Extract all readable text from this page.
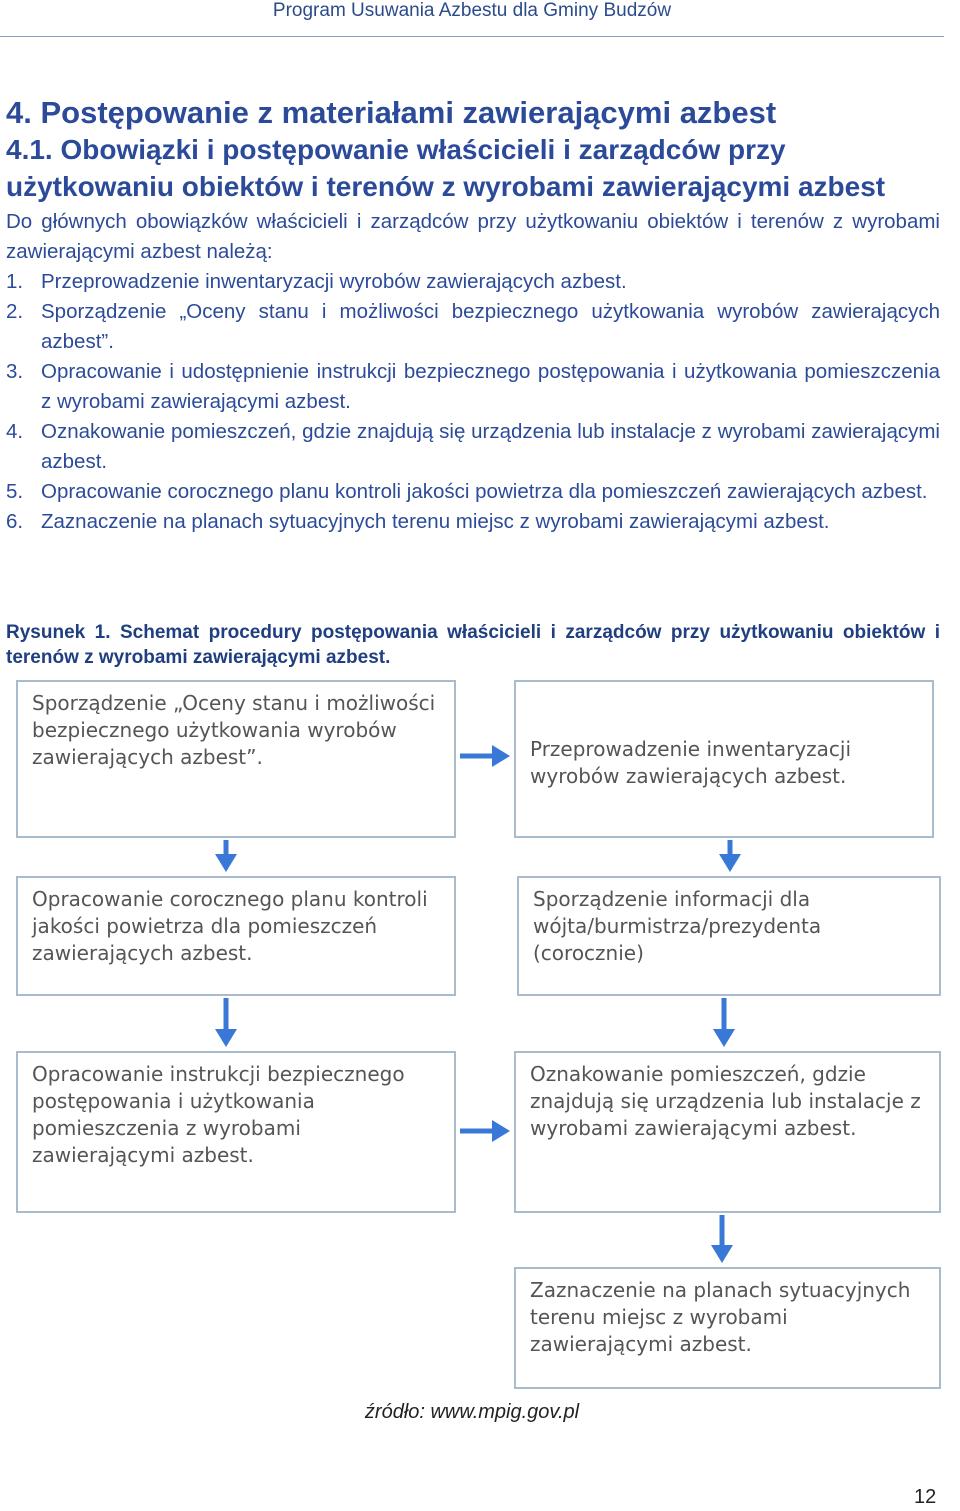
Program Usuwania Azbestu dla Gminy Budzów
4. Postępowanie z materiałami zawierającymi azbest
4.1. Obowiązki i postępowanie właścicieli i zarządców przy użytkowaniu obiektów i terenów z wyrobami zawierającymi azbest

Do głównych obowiązków właścicieli i zarządców przy użytkowaniu obiektów i terenów z wyrobami zawierającymi azbest należą:

1. Przeprowadzenie inwentaryzacji wyrobów zawierających azbest.
2. Sporządzenie „Oceny stanu i możliwości bezpiecznego użytkowania wyrobów zawierających azbest”.
3. Opracowanie i udostępnienie instrukcji bezpiecznego postępowania i użytkowania pomieszczenia z wyrobami zawierającymi azbest.
4. Oznakowanie pomieszczeń, gdzie znajdują się urządzenia lub instalacje z wyrobami zawierającymi azbest.
5. Opracowanie corocznego planu kontroli jakości powietrza dla pomieszczeń zawierających azbest.
6. Zaznaczenie na planach sytuacyjnych terenu miejsc z wyrobami zawierającymi azbest.

Rysunek 1. Schemat procedury postępowania właścicieli i zarządców przy użytkowaniu obiektów i terenów z wyrobami zawierającymi azbest.

Sporządzenie „Oceny stanu i możliwości bezpiecznego użytkowania wyrobów zawierających azbest”.	Przeprowadzenie inwentaryzacji wyrobów zawierających azbest.
Opracowanie corocznego planu kontroli jakości powietrza dla pomieszczeń zawierających azbest.
Sporządzenie informacji dla wójta/burmistrza/prezydenta (corocznie)
Opracowanie instrukcji bezpiecznego postępowania i użytkowania pomieszczenia z wyrobami zawierającymi azbest.
Oznakowanie pomieszczeń, gdzie znajdują się urządzenia lub instalacje z wyrobami zawierającymi azbest.
Zaznaczenie na planach sytuacyjnych terenu miejsc z wyrobami zawierającymi azbest.
źródło: www.mpig.gov.pl
12
